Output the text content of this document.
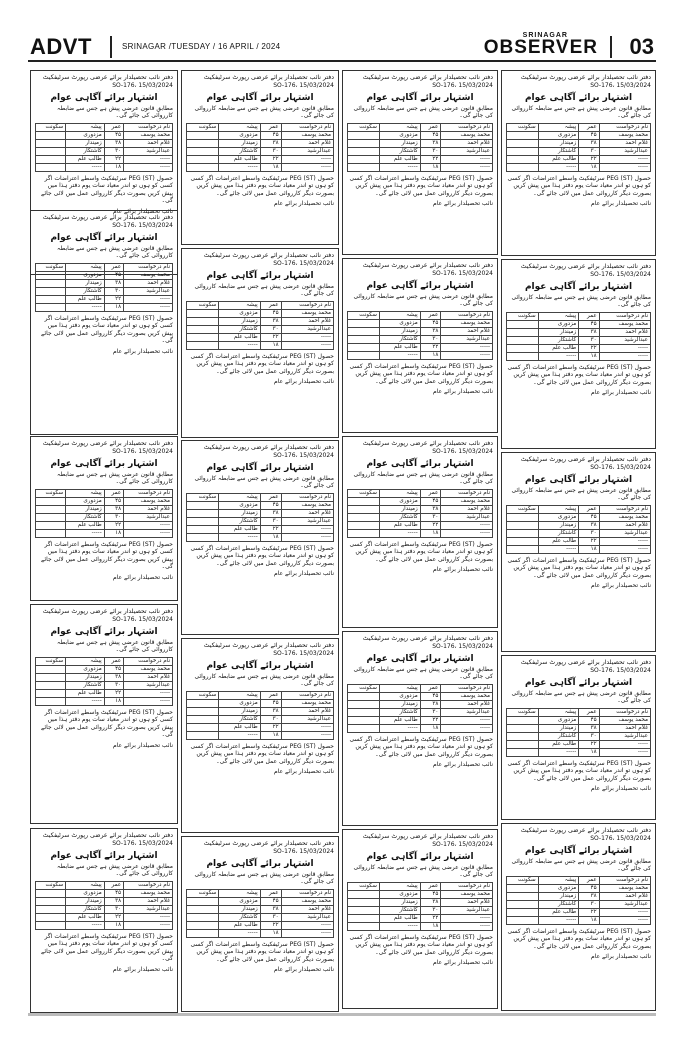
ADVT	SRINAGAR /TUESDAY / 16 APRIL / 2024
SRINAGAR
OBSERVER 03
دفتر نائب تحصیلدار برائے عرضی رپورٹ سرٹیفکیٹ
15/03/2024 ،SO-176
اشتہار برائے آگاہی عوام
مطابق قانون عرضی پیش ہے جس سے ضابطہ کارروائی کی جائے گی۔
نام درخواست	عمر	پیشہ	سکونت
محمد یوسف	۴۵	مزدوری	
غلام احمد	۳۸	زمیندار	
عبدالرشید	۳۰	کاشتکار	
-----	۲۲	طالب علم	
-----	۱۸	-----	
حصول (PEG (ST سرٹیفکیٹ واسطے اعتراضات اگر کسی کو ہوں تو اندر معیاد سات یوم دفتر ہذا میں پیش کریں بصورت دیگر کارروائی عمل میں لائی جائے گی۔
نائب تحصیلدار برائے عام
دفتر نائب تحصیلدار برائے عرضی رپورٹ سرٹیفکیٹ
15/03/2024 ،SO-176
اشتہار برائے آگاہی عوام
مطابق قانون عرضی پیش ہے جس سے ضابطہ کارروائی کی جائے گی۔
نام درخواست	عمر	پیشہ	سکونت
محمد یوسف	۴۵	مزدوری	
غلام احمد	۳۸	زمیندار	
عبدالرشید	۳۰	کاشتکار	
-----	۲۲	طالب علم	
-----	۱۸	-----	
حصول (PEG (ST سرٹیفکیٹ واسطے اعتراضات اگر کسی کو ہوں تو اندر معیاد سات یوم دفتر ہذا میں پیش کریں بصورت دیگر کارروائی عمل میں لائی جائے گی۔
نائب تحصیلدار برائے عام
دفتر نائب تحصیلدار برائے عرضی رپورٹ سرٹیفکیٹ
15/03/2024 ،SO-176
اشتہار برائے آگاہی عوام
مطابق قانون عرضی پیش ہے جس سے ضابطہ کارروائی کی جائے گی۔
نام درخواست	عمر	پیشہ	سکونت
محمد یوسف	۴۵	مزدوری	
غلام احمد	۳۸	زمیندار	
عبدالرشید	۳۰	کاشتکار	
-----	۲۲	طالب علم	
-----	۱۸	-----	
حصول (PEG (ST سرٹیفکیٹ واسطے اعتراضات اگر کسی کو ہوں تو اندر معیاد سات یوم دفتر ہذا میں پیش کریں بصورت دیگر کارروائی عمل میں لائی جائے گی۔
نائب تحصیلدار برائے عام
دفتر نائب تحصیلدار برائے عرضی رپورٹ سرٹیفکیٹ
15/03/2024 ،SO-176
اشتہار برائے آگاہی عوام
مطابق قانون عرضی پیش ہے جس سے ضابطہ کارروائی کی جائے گی۔
نام درخواست	عمر	پیشہ	سکونت
محمد یوسف	۴۵	مزدوری	
غلام احمد	۳۸	زمیندار	
عبدالرشید	۳۰	کاشتکار	
-----	۲۲	طالب علم	
-----	۱۸	-----	
حصول (PEG (ST سرٹیفکیٹ واسطے اعتراضات اگر کسی کو ہوں تو اندر معیاد سات یوم دفتر ہذا میں پیش کریں بصورت دیگر کارروائی عمل میں لائی جائے گی۔
نائب تحصیلدار برائے عام
دفتر نائب تحصیلدار برائے عرضی رپورٹ سرٹیفکیٹ
15/03/2024 ،SO-176
اشتہار برائے آگاہی عوام
مطابق قانون عرضی پیش ہے جس سے ضابطہ کارروائی کی جائے گی۔
نام درخواست	عمر	پیشہ	سکونت
محمد یوسف	۴۵	مزدوری	
غلام احمد	۳۸	زمیندار	
عبدالرشید	۳۰	کاشتکار	
-----	۲۲	طالب علم	
-----	۱۸	-----	
حصول (PEG (ST سرٹیفکیٹ واسطے اعتراضات اگر کسی کو ہوں تو اندر معیاد سات یوم دفتر ہذا میں پیش کریں بصورت دیگر کارروائی عمل میں لائی جائے گی۔
نائب تحصیلدار برائے عام
دفتر نائب تحصیلدار برائے عرضی رپورٹ سرٹیفکیٹ
15/03/2024 ،SO-176
اشتہار برائے آگاہی عوام
مطابق قانون عرضی پیش ہے جس سے ضابطہ کارروائی کی جائے گی۔
نام درخواست	عمر	پیشہ	سکونت
محمد یوسف	۴۵	مزدوری	
غلام احمد	۳۸	زمیندار	
عبدالرشید	۳۰	کاشتکار	
-----	۲۲	طالب علم	
-----	۱۸	-----	
حصول (PEG (ST سرٹیفکیٹ واسطے اعتراضات اگر کسی کو ہوں تو اندر معیاد سات یوم دفتر ہذا میں پیش کریں بصورت دیگر کارروائی عمل میں لائی جائے گی۔
نائب تحصیلدار برائے عام
دفتر نائب تحصیلدار برائے عرضی رپورٹ سرٹیفکیٹ
15/03/2024 ،SO-176
اشتہار برائے آگاہی عوام
مطابق قانون عرضی پیش ہے جس سے ضابطہ کارروائی کی جائے گی۔
نام درخواست	عمر	پیشہ	سکونت
محمد یوسف	۴۵	مزدوری	
غلام احمد	۳۸	زمیندار	
عبدالرشید	۳۰	کاشتکار	
-----	۲۲	طالب علم	
-----	۱۸	-----	
حصول (PEG (ST سرٹیفکیٹ واسطے اعتراضات اگر کسی کو ہوں تو اندر معیاد سات یوم دفتر ہذا میں پیش کریں بصورت دیگر کارروائی عمل میں لائی جائے گی۔
نائب تحصیلدار برائے عام
دفتر نائب تحصیلدار برائے عرضی رپورٹ سرٹیفکیٹ
15/03/2024 ،SO-176
اشتہار برائے آگاہی عوام
مطابق قانون عرضی پیش ہے جس سے ضابطہ کارروائی کی جائے گی۔
نام درخواست	عمر	پیشہ	سکونت
محمد یوسف	۴۵	مزدوری	
غلام احمد	۳۸	زمیندار	
عبدالرشید	۳۰	کاشتکار	
-----	۲۲	طالب علم	
-----	۱۸	-----	
حصول (PEG (ST سرٹیفکیٹ واسطے اعتراضات اگر کسی کو ہوں تو اندر معیاد سات یوم دفتر ہذا میں پیش کریں بصورت دیگر کارروائی عمل میں لائی جائے گی۔
نائب تحصیلدار برائے عام
دفتر نائب تحصیلدار برائے عرضی رپورٹ سرٹیفکیٹ
15/03/2024 ،SO-176
اشتہار برائے آگاہی عوام
مطابق قانون عرضی پیش ہے جس سے ضابطہ کارروائی کی جائے گی۔
نام درخواست	عمر	پیشہ	سکونت
محمد یوسف	۴۵	مزدوری	
غلام احمد	۳۸	زمیندار	
عبدالرشید	۳۰	کاشتکار	
-----	۲۲	طالب علم	
-----	۱۸	-----	
حصول (PEG (ST سرٹیفکیٹ واسطے اعتراضات اگر کسی کو ہوں تو اندر معیاد سات یوم دفتر ہذا میں پیش کریں بصورت دیگر کارروائی عمل میں لائی جائے گی۔
نائب تحصیلدار برائے عام
دفتر نائب تحصیلدار برائے عرضی رپورٹ سرٹیفکیٹ
15/03/2024 ،SO-176
اشتہار برائے آگاہی عوام
مطابق قانون عرضی پیش ہے جس سے ضابطہ کارروائی کی جائے گی۔
نام درخواست	عمر	پیشہ	سکونت
محمد یوسف	۴۵	مزدوری	
غلام احمد	۳۸	زمیندار	
عبدالرشید	۳۰	کاشتکار	
-----	۲۲	طالب علم	
-----	۱۸	-----	
حصول (PEG (ST سرٹیفکیٹ واسطے اعتراضات اگر کسی کو ہوں تو اندر معیاد سات یوم دفتر ہذا میں پیش کریں بصورت دیگر کارروائی عمل میں لائی جائے گی۔
نائب تحصیلدار برائے عام
دفتر نائب تحصیلدار برائے عرضی رپورٹ سرٹیفکیٹ
15/03/2024 ،SO-176
اشتہار برائے آگاہی عوام
مطابق قانون عرضی پیش ہے جس سے ضابطہ کارروائی کی جائے گی۔
نام درخواست	عمر	پیشہ	سکونت
محمد یوسف	۴۵	مزدوری	
غلام احمد	۳۸	زمیندار	
عبدالرشید	۳۰	کاشتکار	
-----	۲۲	طالب علم	
-----	۱۸	-----	
حصول (PEG (ST سرٹیفکیٹ واسطے اعتراضات اگر کسی کو ہوں تو اندر معیاد سات یوم دفتر ہذا میں پیش کریں بصورت دیگر کارروائی عمل میں لائی جائے گی۔
نائب تحصیلدار برائے عام
دفتر نائب تحصیلدار برائے عرضی رپورٹ سرٹیفکیٹ
15/03/2024 ،SO-176
اشتہار برائے آگاہی عوام
مطابق قانون عرضی پیش ہے جس سے ضابطہ کارروائی کی جائے گی۔
نام درخواست	عمر	پیشہ	سکونت
محمد یوسف	۴۵	مزدوری	
غلام احمد	۳۸	زمیندار	
عبدالرشید	۳۰	کاشتکار	
-----	۲۲	طالب علم	
-----	۱۸	-----	
حصول (PEG (ST سرٹیفکیٹ واسطے اعتراضات اگر کسی کو ہوں تو اندر معیاد سات یوم دفتر ہذا میں پیش کریں بصورت دیگر کارروائی عمل میں لائی جائے گی۔
نائب تحصیلدار برائے عام
دفتر نائب تحصیلدار برائے عرضی رپورٹ سرٹیفکیٹ
15/03/2024 ،SO-176
اشتہار برائے آگاہی عوام
مطابق قانون عرضی پیش ہے جس سے ضابطہ کارروائی کی جائے گی۔
نام درخواست	عمر	پیشہ	سکونت
محمد یوسف	۴۵	مزدوری	
غلام احمد	۳۸	زمیندار	
عبدالرشید	۳۰	کاشتکار	
-----	۲۲	طالب علم	
-----	۱۸	-----	
حصول (PEG (ST سرٹیفکیٹ واسطے اعتراضات اگر کسی کو ہوں تو اندر معیاد سات یوم دفتر ہذا میں پیش کریں بصورت دیگر کارروائی عمل میں لائی جائے گی۔
نائب تحصیلدار برائے عام
دفتر نائب تحصیلدار برائے عرضی رپورٹ سرٹیفکیٹ
15/03/2024 ،SO-176
اشتہار برائے آگاہی عوام
مطابق قانون عرضی پیش ہے جس سے ضابطہ کارروائی کی جائے گی۔
نام درخواست	عمر	پیشہ	سکونت
محمد یوسف	۴۵	مزدوری	
غلام احمد	۳۸	زمیندار	
عبدالرشید	۳۰	کاشتکار	
-----	۲۲	طالب علم	
-----	۱۸	-----	
حصول (PEG (ST سرٹیفکیٹ واسطے اعتراضات اگر کسی کو ہوں تو اندر معیاد سات یوم دفتر ہذا میں پیش کریں بصورت دیگر کارروائی عمل میں لائی جائے گی۔
نائب تحصیلدار برائے عام
دفتر نائب تحصیلدار برائے عرضی رپورٹ سرٹیفکیٹ
15/03/2024 ،SO-176
اشتہار برائے آگاہی عوام
مطابق قانون عرضی پیش ہے جس سے ضابطہ کارروائی کی جائے گی۔
نام درخواست	عمر	پیشہ	سکونت
محمد یوسف	۴۵	مزدوری	
غلام احمد	۳۸	زمیندار	
عبدالرشید	۳۰	کاشتکار	
-----	۲۲	طالب علم	
-----	۱۸	-----	
حصول (PEG (ST سرٹیفکیٹ واسطے اعتراضات اگر کسی کو ہوں تو اندر معیاد سات یوم دفتر ہذا میں پیش کریں بصورت دیگر کارروائی عمل میں لائی جائے گی۔
نائب تحصیلدار برائے عام
دفتر نائب تحصیلدار برائے عرضی رپورٹ سرٹیفکیٹ
15/03/2024 ،SO-176
اشتہار برائے آگاہی عوام
مطابق قانون عرضی پیش ہے جس سے ضابطہ کارروائی کی جائے گی۔
نام درخواست	عمر	پیشہ	سکونت
محمد یوسف	۴۵	مزدوری	
غلام احمد	۳۸	زمیندار	
عبدالرشید	۳۰	کاشتکار	
-----	۲۲	طالب علم	
-----	۱۸	-----	
حصول (PEG (ST سرٹیفکیٹ واسطے اعتراضات اگر کسی کو ہوں تو اندر معیاد سات یوم دفتر ہذا میں پیش کریں بصورت دیگر کارروائی عمل میں لائی جائے گی۔
نائب تحصیلدار برائے عام
دفتر نائب تحصیلدار برائے عرضی رپورٹ سرٹیفکیٹ
15/03/2024 ،SO-176
اشتہار برائے آگاہی عوام
مطابق قانون عرضی پیش ہے جس سے ضابطہ کارروائی کی جائے گی۔
نام درخواست	عمر	پیشہ	سکونت
محمد یوسف	۴۵	مزدوری	
غلام احمد	۳۸	زمیندار	
عبدالرشید	۳۰	کاشتکار	
-----	۲۲	طالب علم	
-----	۱۸	-----	
حصول (PEG (ST سرٹیفکیٹ واسطے اعتراضات اگر کسی کو ہوں تو اندر معیاد سات یوم دفتر ہذا میں پیش کریں بصورت دیگر کارروائی عمل میں لائی جائے گی۔
نائب تحصیلدار برائے عام
دفتر نائب تحصیلدار برائے عرضی رپورٹ سرٹیفکیٹ
15/03/2024 ،SO-176
اشتہار برائے آگاہی عوام
مطابق قانون عرضی پیش ہے جس سے ضابطہ کارروائی کی جائے گی۔
نام درخواست	عمر	پیشہ	سکونت
محمد یوسف	۴۵	مزدوری	
غلام احمد	۳۸	زمیندار	
عبدالرشید	۳۰	کاشتکار	
-----	۲۲	طالب علم	
-----	۱۸	-----	
حصول (PEG (ST سرٹیفکیٹ واسطے اعتراضات اگر کسی کو ہوں تو اندر معیاد سات یوم دفتر ہذا میں پیش کریں بصورت دیگر کارروائی عمل میں لائی جائے گی۔
نائب تحصیلدار برائے عام
دفتر نائب تحصیلدار برائے عرضی رپورٹ سرٹیفکیٹ
15/03/2024 ،SO-176
اشتہار برائے آگاہی عوام
مطابق قانون عرضی پیش ہے جس سے ضابطہ کارروائی کی جائے گی۔
نام درخواست	عمر	پیشہ	سکونت
محمد یوسف	۴۵	مزدوری	
غلام احمد	۳۸	زمیندار	
عبدالرشید	۳۰	کاشتکار	
-----	۲۲	طالب علم	
-----	۱۸	-----	
حصول (PEG (ST سرٹیفکیٹ واسطے اعتراضات اگر کسی کو ہوں تو اندر معیاد سات یوم دفتر ہذا میں پیش کریں بصورت دیگر کارروائی عمل میں لائی جائے گی۔
نائب تحصیلدار برائے عام
دفتر نائب تحصیلدار برائے عرضی رپورٹ سرٹیفکیٹ
15/03/2024 ،SO-176
اشتہار برائے آگاہی عوام
مطابق قانون عرضی پیش ہے جس سے ضابطہ کارروائی کی جائے گی۔
نام درخواست	عمر	پیشہ	سکونت
محمد یوسف	۴۵	مزدوری	
غلام احمد	۳۸	زمیندار	
عبدالرشید	۳۰	کاشتکار	
-----	۲۲	طالب علم	
-----	۱۸	-----	
حصول (PEG (ST سرٹیفکیٹ واسطے اعتراضات اگر کسی کو ہوں تو اندر معیاد سات یوم دفتر ہذا میں پیش کریں بصورت دیگر کارروائی عمل میں لائی جائے گی۔
نائب تحصیلدار برائے عام
